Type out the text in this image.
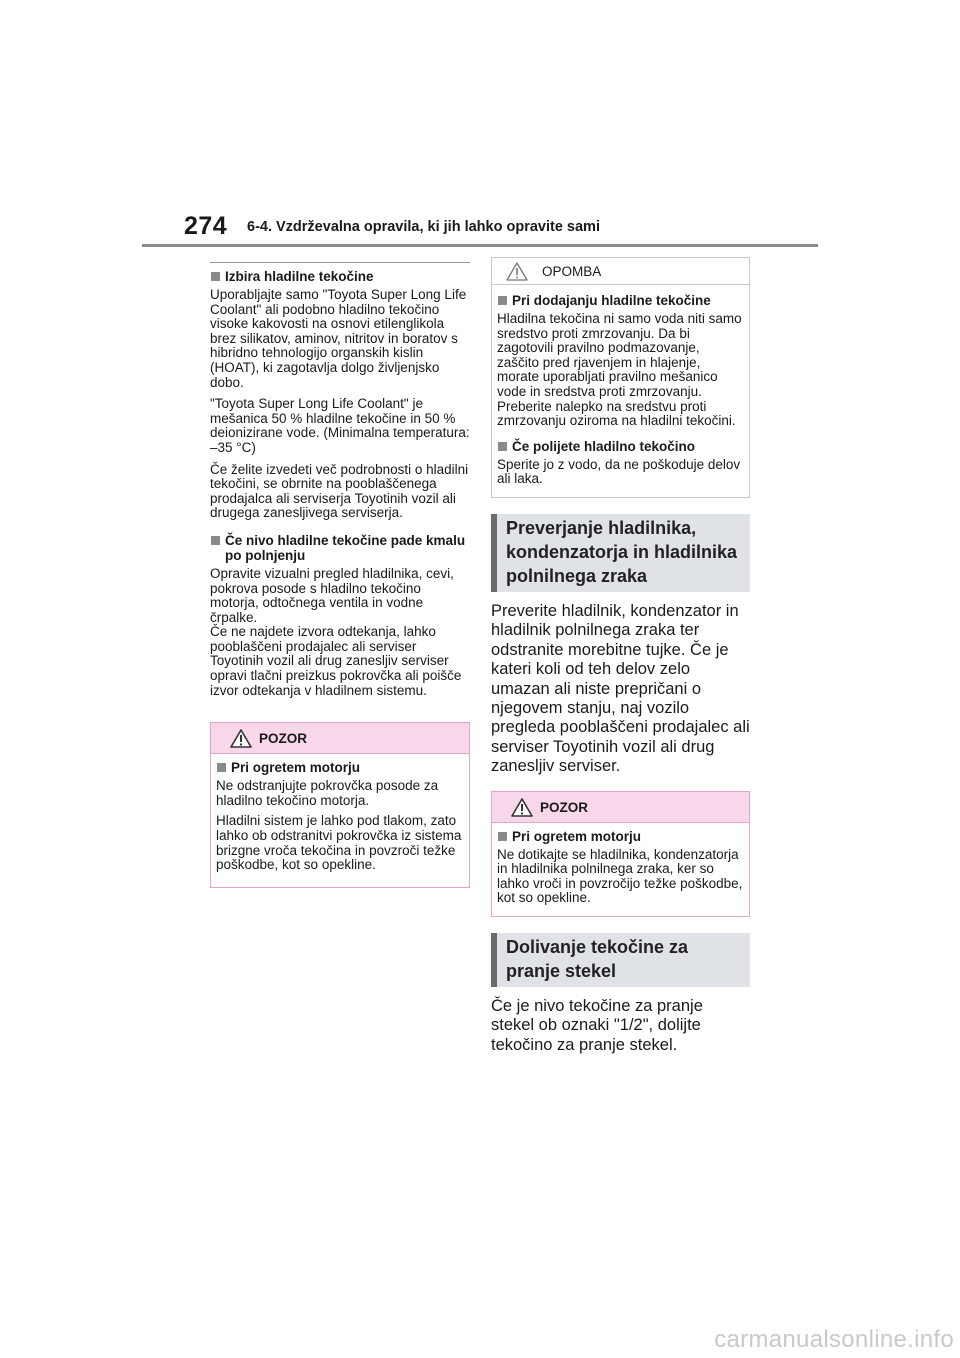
274 6-4. Vzdrževalna opravila, ki jih lahko opravite sami
Izbira hladilne tekočine

Uporabljajte samo "Toyota Super Long Life Coolant" ali podobno hladilno tekočino visoke kakovosti na osnovi etilenglikola brez silikatov, aminov, nitritov in boratov s hibridno tehnologijo organskih kislin (HOAT), ki zagotavlja dolgo življenjsko dobo.

"Toyota Super Long Life Coolant" je mešanica 50 % hladilne tekočine in 50 % deionizirane vode. (Minimalna temperatura: –35 °C)

Če želite izvedeti več podrobnosti o hladilni tekočini, se obrnite na pooblaščenega prodajalca ali serviserja Toyotinih vozil ali drugega zanesljivega serviserja.

Če nivo hladilne tekočine pade kmalu po polnjenju

Opravite vizualni pregled hladilnika, cevi, pokrova posode s hladilno tekočino motorja, odtočnega ventila in vodne črpalke.

Če ne najdete izvora odtekanja, lahko pooblaščeni prodajalec ali serviser Toyotinih vozil ali drug zanesljiv serviser opravi tlačni preizkus pokrovčka ali poišče izvor odtekanja v hladilnem sistemu.

POZOR
Pri ogretem motorju

Ne odstranjujte pokrovčka posode za hladilno tekočino motorja.

Hladilni sistem je lahko pod tlakom, zato lahko ob odstranitvi pokrovčka iz sistema brizgne vroča tekočina in povzroči težke poškodbe, kot so opekline.

OPOMBA
Pri dodajanju hladilne tekočine

Hladilna tekočina ni samo voda niti samo sredstvo proti zmrzovanju. Da bi zagotovili pravilno podmazovanje, zaščito pred rjavenjem in hlajenje, morate uporabljati pravilno mešanico vode in sredstva proti zmrzovanju. Preberite nalepko na sredstvu proti zmrzovanju oziroma na hladilni tekočini.

Če polijete hladilno tekočino

Sperite jo z vodo, da ne poškoduje delov ali laka.

Preverjanje hladilnika, kondenzatorja in hladilnika polnilnega zraka

Preverite hladilnik, kondenzator in hladilnik polnilnega zraka ter odstranite morebitne tujke. Če je kateri koli od teh delov zelo umazan ali niste prepričani o njegovem stanju, naj vozilo pregleda pooblaščeni prodajalec ali serviser Toyotinih vozil ali drug zanesljiv serviser.

POZOR
Pri ogretem motorju

Ne dotikajte se hladilnika, kondenzatorja in hladilnika polnilnega zraka, ker so lahko vroči in povzročijo težke poškodbe, kot so opekline.

Dolivanje tekočine za pranje stekel

Če je nivo tekočine za pranje stekel ob oznaki "1/2", dolijte tekočino za pranje stekel.

carmanualsonline.info
